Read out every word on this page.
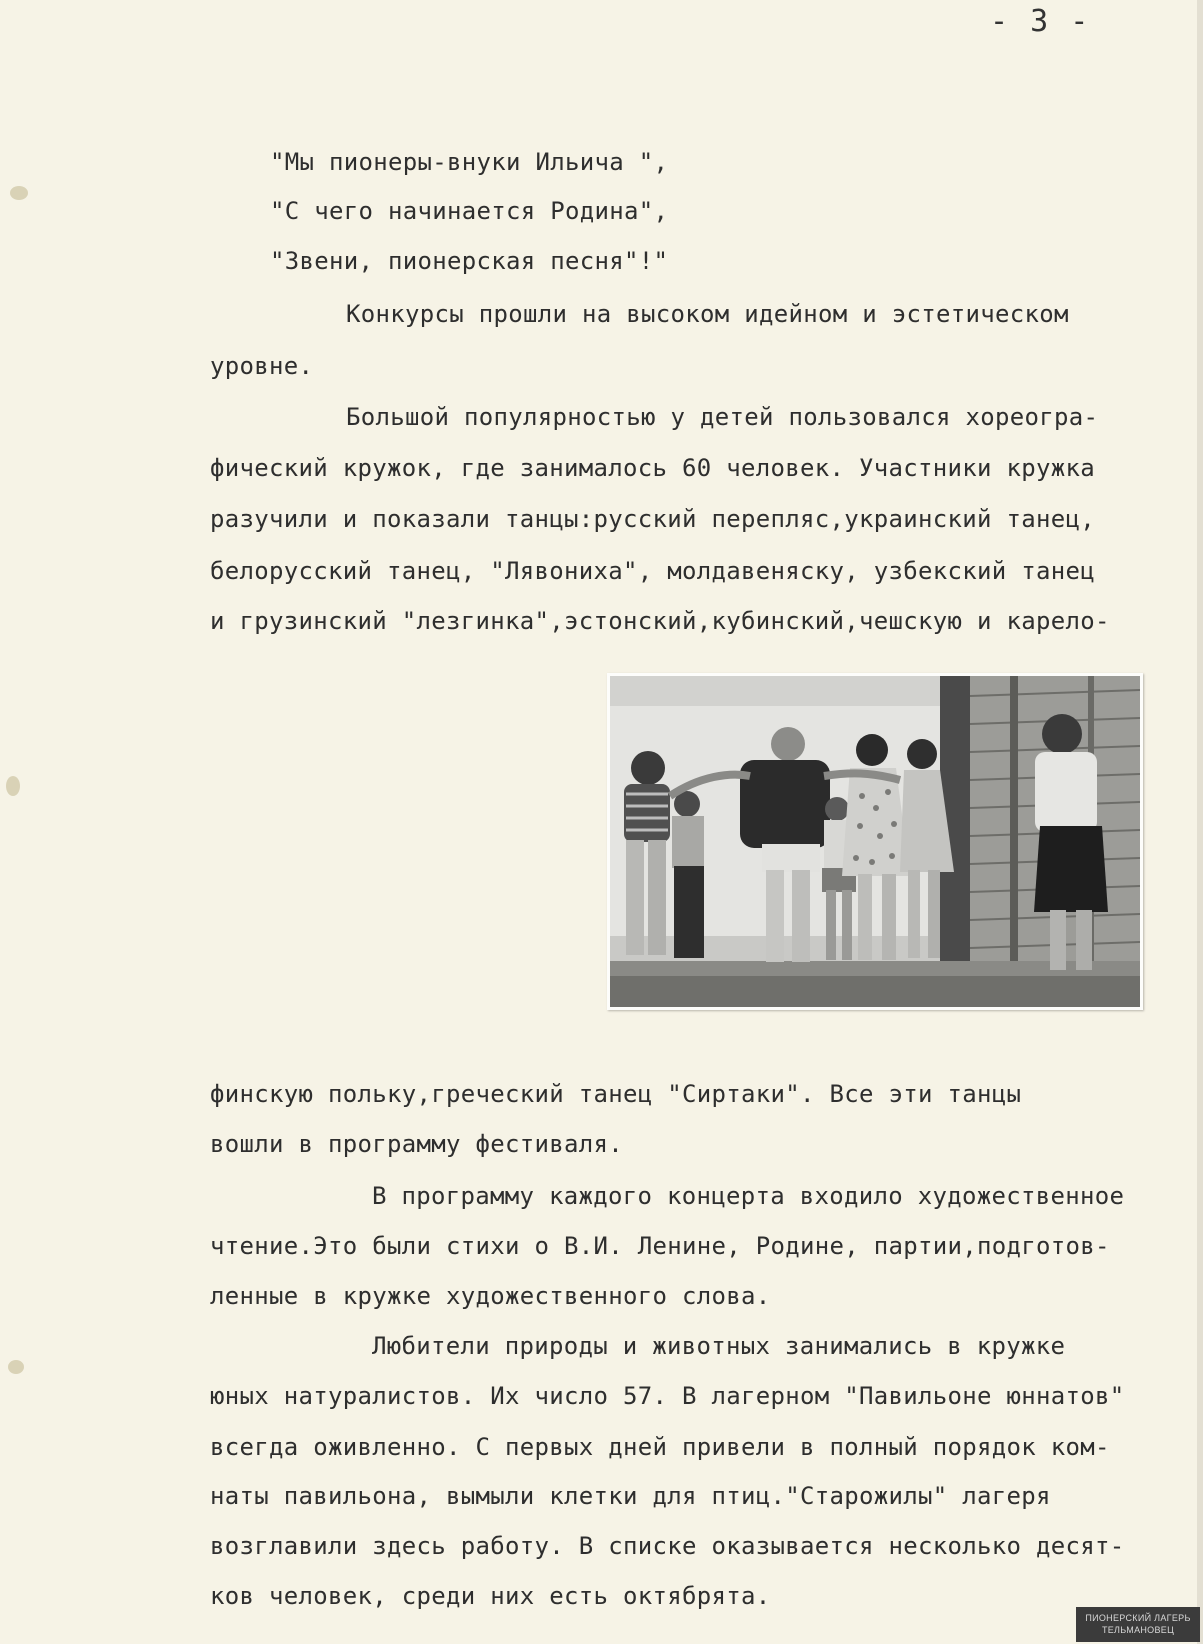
- 3 -
"Мы пионеры-внуки Ильича ",
"С чего начинается Родина",
"Звени, пионерская песня"!"
Конкурсы прошли на высоком идейном и эстетическом
уровне.
Большой популярностью у детей пользовался хореогра-
фический кружок, где занималось 60 человек. Участники кружка
разучили и показали танцы:русский перепляс,украинский танец,
белорусский танец, "Лявониха", молдавеняску, узбекский танец
и грузинский "лезгинка",эстонский,кубинский,чешскую и карело-
финскую польку,греческий танец "Сиртаки". Все эти танцы
вошли в программу фестиваля.
В программу каждого концерта входило художественное
чтение.Это были стихи о В.И. Ленине, Родине, партии,подготов-
ленные в кружке художественного слова.
Любители природы и животных занимались в кружке
юных натуралистов. Их число 57. В лагерном "Павильоне юннатов"
всегда оживленно. С первых дней привели в полный порядок ком-
наты павильона, вымыли клетки для птиц."Старожилы" лагеря
возглавили здесь работу. В списке оказывается несколько десят-
ков человек, среди них есть октябрята.
ПИОНЕРСКИЙ ЛАГЕРЬ
ТЕЛЬМАНОВЕЦ
